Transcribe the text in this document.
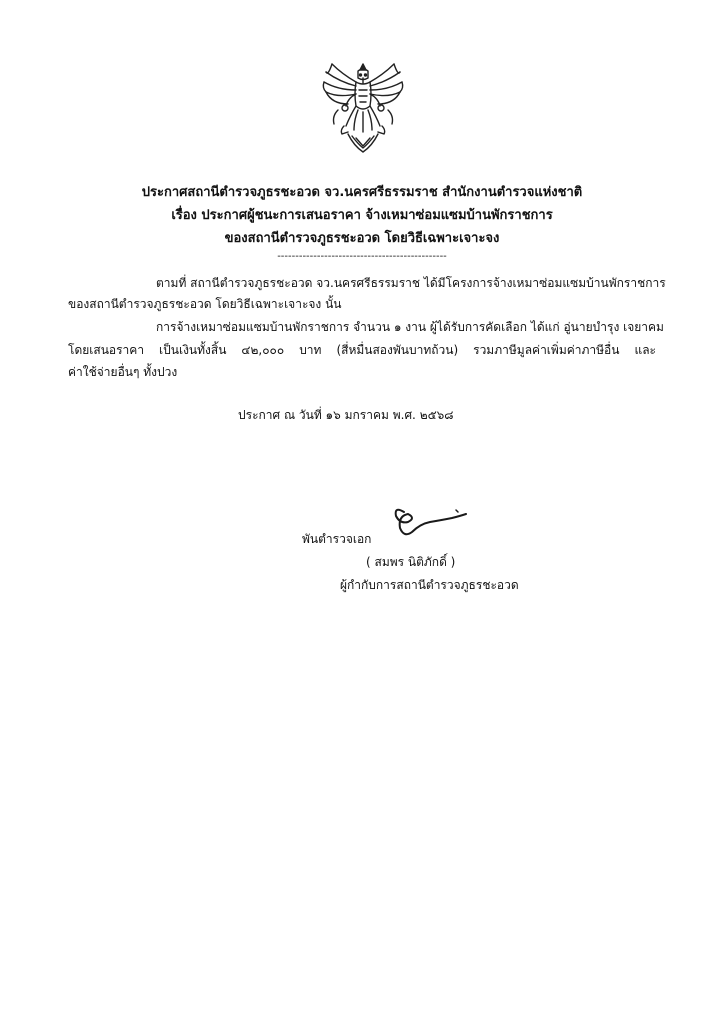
ประกาศสถานีตำรวจภูธรชะอวด จว.นครศรีธรรมราช สำนักงานตำรวจแห่งชาติ
เรื่อง ประกาศผู้ชนะการเสนอราคา จ้างเหมาซ่อมแซมบ้านพักราชการ
ของสถานีตำรวจภูธรชะอวด โดยวิธีเฉพาะเจาะจง
-----------------------------------------------
ตามที่ สถานีตำรวจภูธรชะอวด จว.นครศรีธรรมราช ได้มีโครงการจ้างเหมาซ่อมแซมบ้านพักราชการ
ของสถานีตำรวจภูธรชะอวด โดยวิธีเฉพาะเจาะจง นั้น
การจ้างเหมาซ่อมแซมบ้านพักราชการ จำนวน ๑ งาน ผู้ได้รับการคัดเลือก ได้แก่ อู่นายบำรุง เจยาคม
โดยเสนอราคา เป็นเงินทั้งสิ้น ๔๒,๐๐๐ บาท (สี่หมื่นสองพันบาทถ้วน) รวมภาษีมูลค่าเพิ่มค่าภาษีอื่น และ
ค่าใช้จ่ายอื่นๆ ทั้งปวง
ประกาศ ณ วันที่ ๑๖ มกราคม พ.ศ. ๒๕๖๘
พันตำรวจเอก
( สมพร นิติภักดิ์ )
ผู้กำกับการสถานีตำรวจภูธรชะอวด
